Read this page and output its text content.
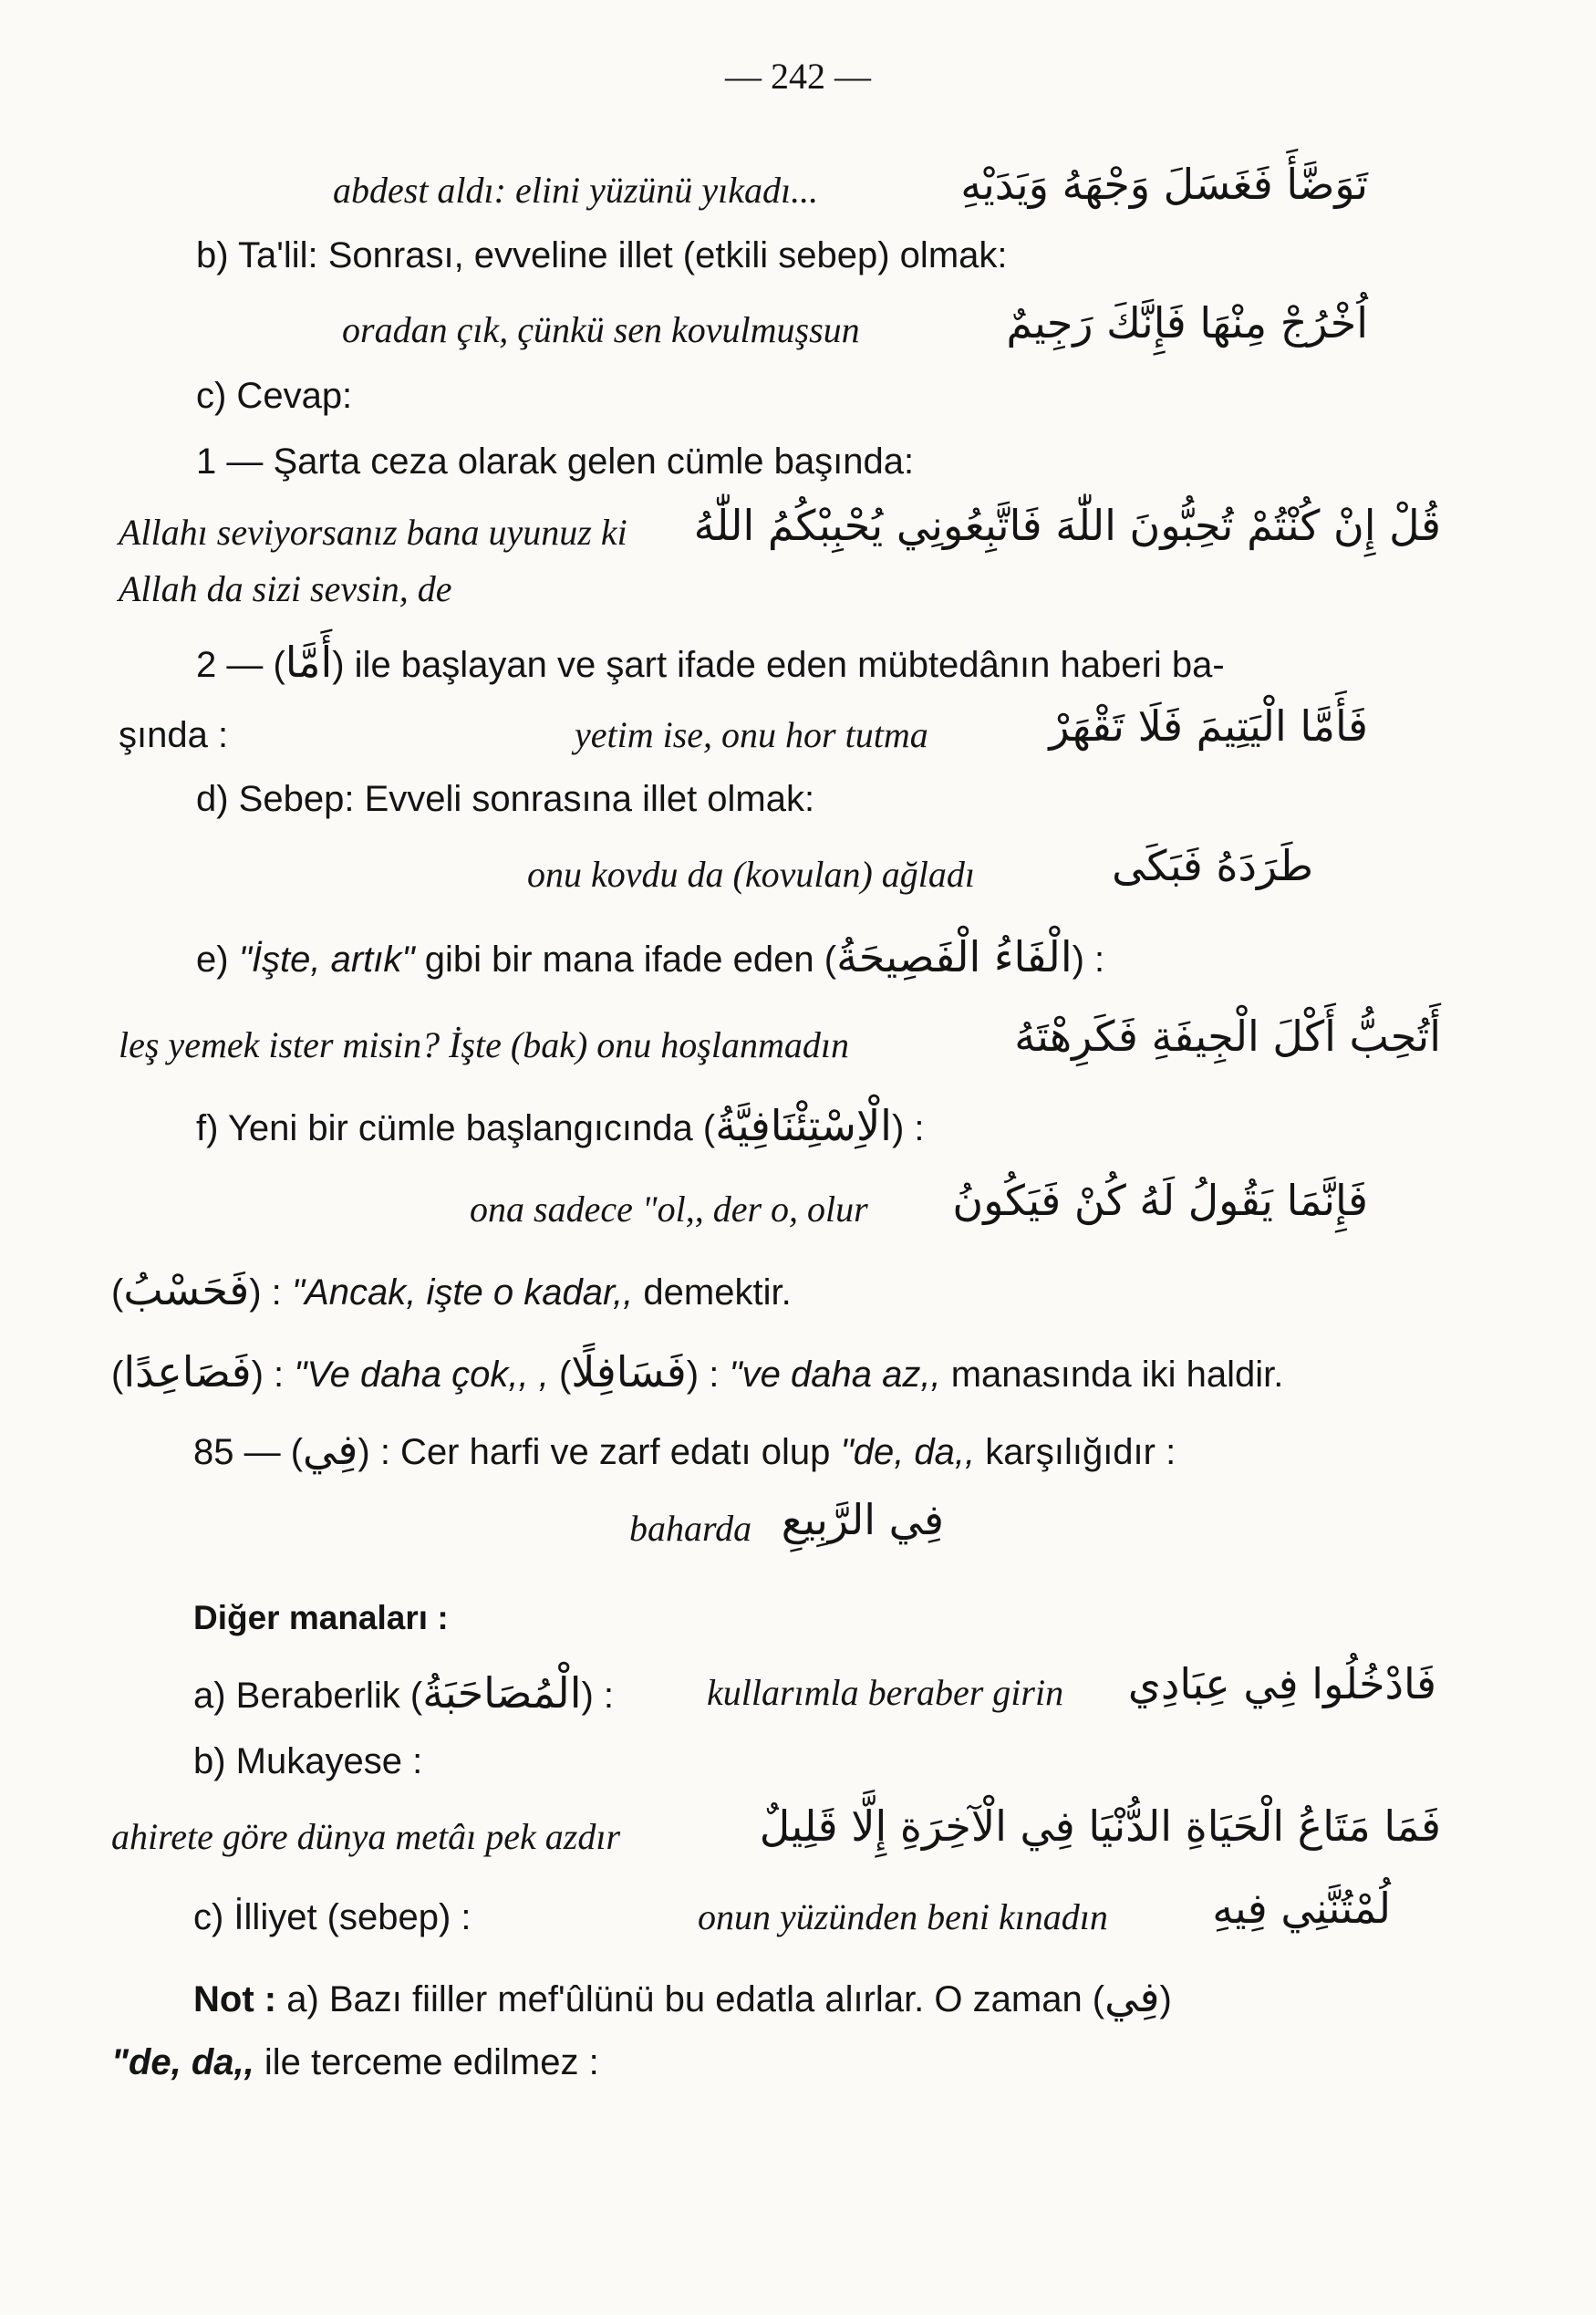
— 242 —
abdest aldı: elini yüzünü yıkadı...	تَوَضَّأَ فَغَسَلَ وَجْهَهُ وَيَدَيْهِ
b) Ta'lil: Sonrası, evveline illet (etkili sebep) olmak:
oradan çık, çünkü sen kovulmuşsun	اُخْرُجْ مِنْهَا فَإِنَّكَ رَجِيمٌ
c) Cevap:
1 — Şarta ceza olarak gelen cümle başında:
Allahı seviyorsanız bana uyunuz ki قُلْ إِنْ كُنْتُمْ تُحِبُّونَ اللّٰهَ فَاتَّبِعُونِي يُحْبِبْكُمُ اللّٰهُ
Allah da sizi sevsin, de
2 — (أَمَّا) ile başlayan ve şart ifade eden mübtedânın haberi ba-
şında :	yetim ise, onu hor tutma	فَأَمَّا الْيَتِيمَ فَلَا تَقْهَرْ
d) Sebep: Evveli sonrasına illet olmak:
onu kovdu da (kovulan) ağladı	طَرَدَهُ فَبَكَى
e) "İşte, artık" gibi bir mana ifade eden (الْفَاءُ الْفَصِيحَةُ) :
leş yemek ister misin? İşte (bak) onu hoşlanmadın	أَتُحِبُّ أَكْلَ الْجِيفَةِ فَكَرِهْتَهُ
f) Yeni bir cümle başlangıcında (الْاِسْتِئْنَافِيَّةُ) :
ona sadece "ol,, der o, olur فَإِنَّمَا يَقُولُ لَهُ كُنْ فَيَكُونُ
(فَحَسْبُ) : "Ancak, işte o kadar,, demektir.
(فَصَاعِدًا) : "Ve daha çok,, , (فَسَافِلًا) : "ve daha az,, manasında iki haldir.
85 — (فِي) : Cer harfi ve zarf edatı olup "de, da,, karşılığıdır :
baharda فِي الرَّبِيعِ
Diğer manaları :
a) Beraberlik (الْمُصَاحَبَةُ) :	kullarımla beraber girin فَادْخُلُوا فِي عِبَادِي
b) Mukayese :
ahirete göre dünya metâı pek azdır	فَمَا مَتَاعُ الْحَيَاةِ الدُّنْيَا فِي الْآخِرَةِ إِلَّا قَلِيلٌ
c) İlliyet (sebep) :	onun yüzünden beni kınadın لُمْتُنَّنِي فِيهِ
Not : a) Bazı fiiller mef'ûlünü bu edatla alırlar. O zaman (فِي)
"de, da,, ile terceme edilmez :
